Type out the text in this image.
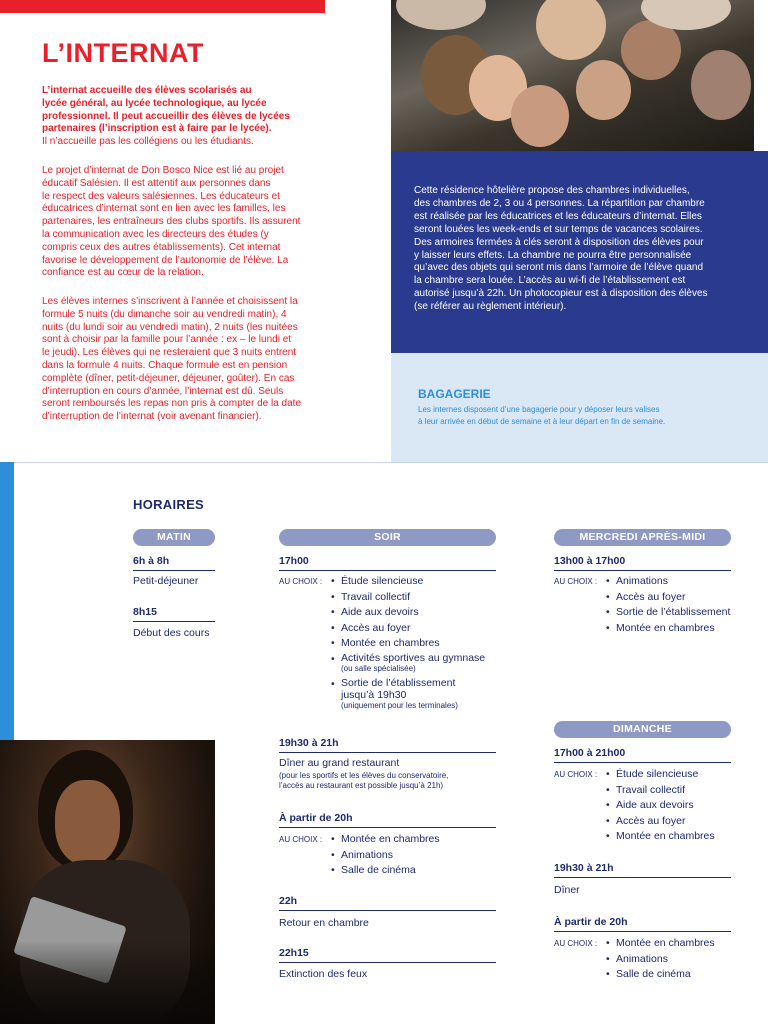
L’INTERNAT

L’internat accueille des élèves scolarisés au
lycée général, au lycée technologique, au lycée
professionnel. Il peut accueillir des élèves de lycées
partenaires (l’inscription est à faire par le lycée).
Il n’accueille pas les collégiens ou les étudiants.

Le projet d’internat de Don Bosco Nice est lié au projet
éducatif Salésien. Il est attentif aux personnes dans
le respect des valeurs salésiennes. Les éducateurs et
éducatrices d’internat sont en lien avec les familles, les
partenaires, les entraîneurs des clubs sportifs. Ils assurent
la communication avec les directeurs des études (y
compris ceux des autres établissements). Cet internat
favorise le développement de l’autonomie de l’élève. La
confiance est au cœur de la relation.

Les élèves internes s’inscrivent à l’année et choisissent la
formule 5 nuits (du dimanche soir au vendredi matin), 4
nuits (du lundi soir au vendredi matin), 2 nuits (les nuitées
sont à choisir par la famille pour l’année : ex – le lundi et
le jeudi). Les élèves qui ne resteraient que 3 nuits entrent
dans la formule 4 nuits. Chaque formule est en pension
complète (dîner, petit-déjeuner, déjeuner, goûter). En cas
d’interruption en cours d’année, l’internat est dû. Seuls
seront remboursés les repas non pris à compter de la date
d’interruption de l’internat (voir avenant financier).

Cette résidence hôtelière propose des chambres individuelles,
des chambres de 2, 3 ou 4 personnes. La répartition par chambre
est réalisée par les éducatrices et les éducateurs d’internat. Elles
seront louées les week-ends et sur temps de vacances scolaires.
Des armoires fermées à clés seront à disposition des élèves pour
y laisser leurs effets. La chambre ne pourra être personnalisée
qu’avec des objets qui seront mis dans l’armoire de l’élève quand
la chambre sera louée. L’accès au wi-fi de l’établissement est
autorisé jusqu’à 22h. Un photocopieur est à disposition des élèves
(se référer au règlement intérieur).

BAGAGERIE

Les internes disposent d’une bagagerie pour y déposer leurs valises
à leur arrivée en début de semaine et à leur départ en fin de semaine.

HORAIRES
MATIN
6h à 8h
Petit-déjeuner
8h15
Début des cours
SOIR
17h00
AU CHOIX :	• Étude silencieuse
• Travail collectif
• Aide aux devoirs
• Accès au foyer
• Montée en chambres
• Activités sportives au gymnase
(ou salle spécialisée)
• Sortie de l’établissement
jusqu’à 19h30
(uniquement pour les terminales)
19h30 à 21h
Dîner au grand restaurant
(pour les sportifs et les élèves du conservatoire,
l’accès au restaurant est possible jusqu’à 21h)
À partir de 20h
AU CHOIX :	• Montée en chambres
• Animations
• Salle de cinéma
22h
Retour en chambre
22h15
Extinction des feux
MERCREDI APRÈS-MIDI
13h00 à 17h00
AU CHOIX :	• Animations
• Accès au foyer
• Sortie de l’établissement
• Montée en chambres
DIMANCHE
17h00 à 21h00
AU CHOIX :	• Étude silencieuse
• Travail collectif
• Aide aux devoirs
• Accès au foyer
• Montée en chambres
19h30 à 21h
Dîner
À partir de 20h
AU CHOIX :	• Montée en chambres
• Animations
• Salle de cinéma
